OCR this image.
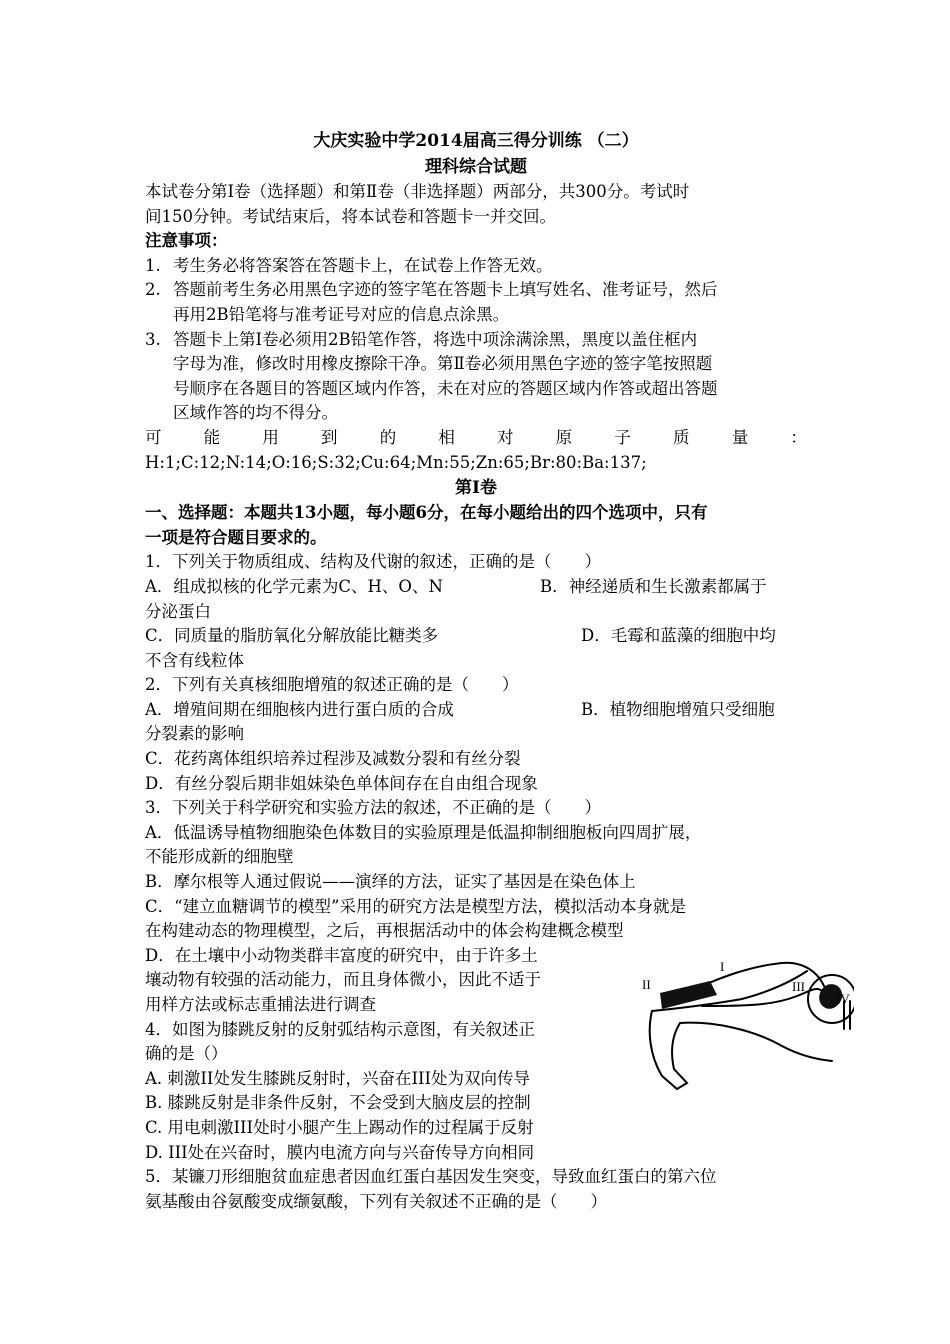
大庆实验中学2014届高三得分训练 （二）
理科综合试题
本试卷分第Ⅰ卷（选择题）和第Ⅱ卷（非选择题）两部分，共300分。考试时
间150分钟。考试结束后，将本试卷和答题卡一并交回。
注意事项：
1. 考生务必将答案答在答题卡上，在试卷上作答无效。
2. 答题前考生务必用黑色字迹的签字笔在答题卡上填写姓名、准考证号，然后
再用2B铅笔将与准考证号对应的信息点涂黑。
3. 答题卡上第Ⅰ卷必须用2B铅笔作答，将选中项涂满涂黑，黑度以盖住框内
字母为准，修改时用橡皮擦除干净。第Ⅱ卷必须用黑色字迹的签字笔按照题
号顺序在各题目的答题区域内作答，未在对应的答题区域内作答或超出答题
区域作答的均不得分。
可	能	用	到	的	相	对	原	子	质	量	：
H:1;C:12;N:14;O:16;S:32;Cu:64;Mn:55;Zn:65;Br:80:Ba:137;
第Ⅰ卷
一、选择题：本题共13小题，每小题6分，在每小题给出的四个选项中，只有
一项是符合题目要求的。
1．下列关于物质组成、结构及代谢的叙述，正确的是（　　）
A．组成拟核的化学元素为C、H、O、N	B．神经递质和生长激素都属于
分泌蛋白
C．同质量的脂肪氧化分解放能比糖类多	D．毛霉和蓝藻的细胞中均
不含有线粒体
2．下列有关真核细胞增殖的叙述正确的是（　　）
A．增殖间期在细胞核内进行蛋白质的合成	B．植物细胞增殖只受细胞
分裂素的影响
C．花药离体组织培养过程涉及减数分裂和有丝分裂
D．有丝分裂后期非姐妹染色单体间存在自由组合现象
3．下列关于科学研究和实验方法的叙述，不正确的是（　　）
A．低温诱导植物细胞染色体数目的实验原理是低温抑制细胞板向四周扩展，
不能形成新的细胞壁
B．摩尔根等人通过假说——演绎的方法，证实了基因是在染色体上
C．“建立血糖调节的模型”采用的研究方法是模型方法，模拟活动本身就是
在构建动态的物理模型，之后，再根据活动中的体会构建概念模型
D．在土壤中小动物类群丰富度的研究中，由于许多土
壤动物有较强的活动能力，而且身体微小，因此不适于
用样方法或标志重捕法进行调查
4．如图为膝跳反射的反射弧结构示意图，有关叙述正
确的是（）
A. 刺激II处发生膝跳反射时，兴奋在III处为双向传导
B. 膝跳反射是非条件反射，不会受到大脑皮层的控制
C. 用电刺激III处时小腿产生上踢动作的过程属于反射
D. III处在兴奋时，膜内电流方向与兴奋传导方向相同
5．某镰刀形细胞贫血症患者因血红蛋白基因发生突变，导致血红蛋白的第六位
氨基酸由谷氨酸变成缬氨酸，下列有关叙述不正确的是（　　）
I
II	III
IV
